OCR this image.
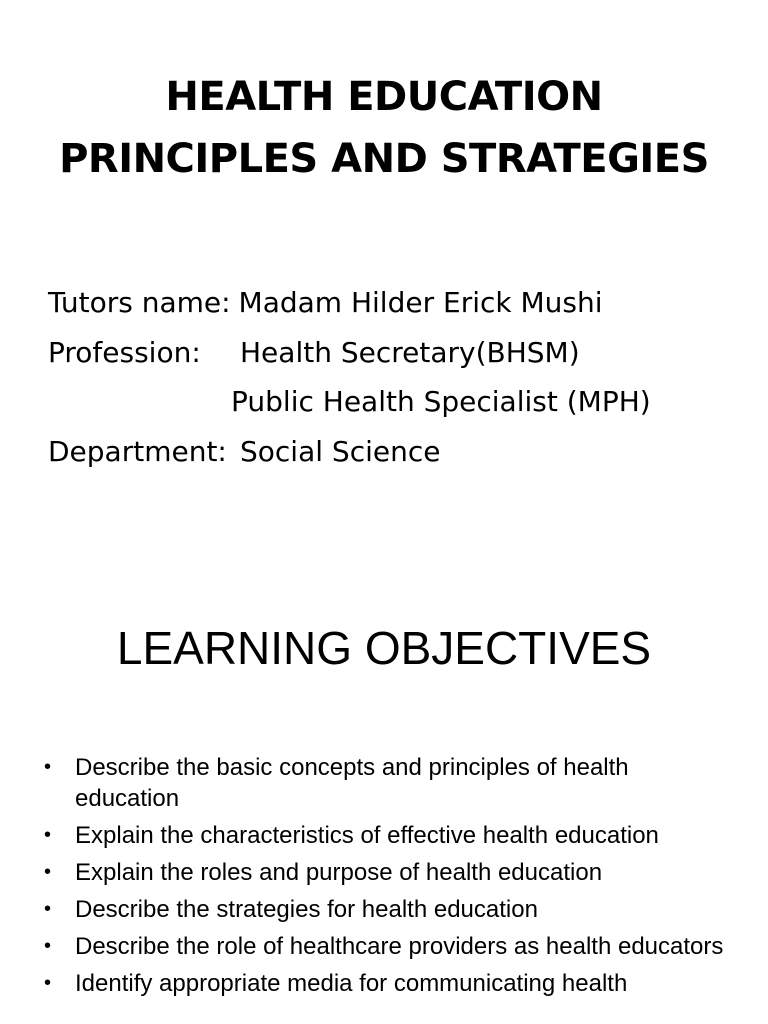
HEALTH EDUCATION
PRINCIPLES AND STRATEGIES
Tutors name: Madam Hilder Erick Mushi
Profession:	Health Secretary(BHSM)
Public Health Specialist (MPH)
Department: Social Science
LEARNING OBJECTIVES
• Describe the basic concepts and principles of health education
• Explain the characteristics of effective health education
• Explain the roles and purpose of health education
• Describe the strategies for health education
• Describe the role of healthcare providers as health educators
• Identify appropriate media for communicating health
